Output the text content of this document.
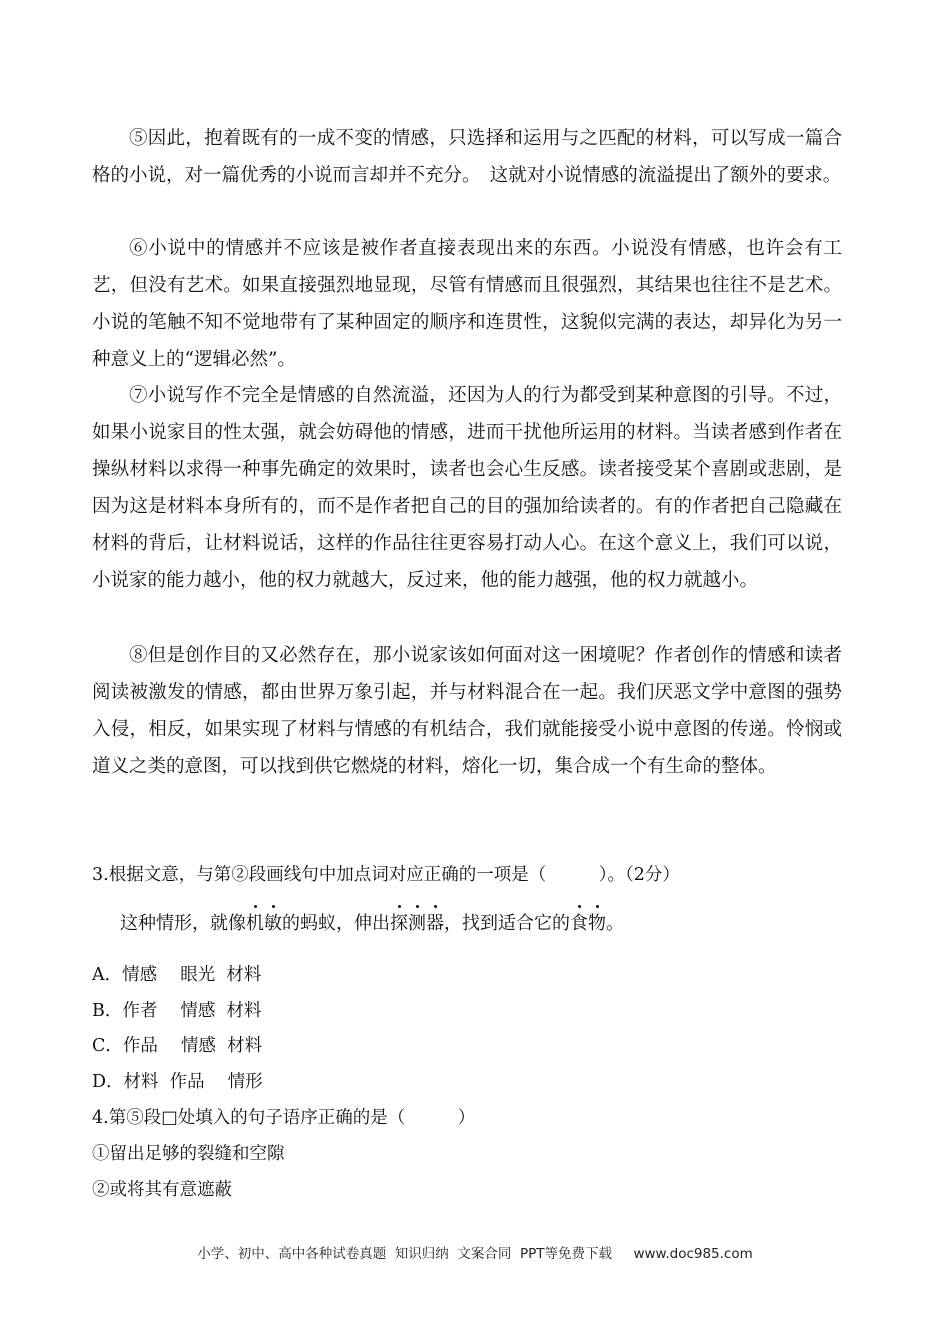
⑤因此，抱着既有的一成不变的情感，只选择和运用与之匹配的材料，可以写成一篇合格的小说，对一篇优秀的小说而言却并不充分。　这就对小说情感的流溢提出了额外的要求。

⑥小说中的情感并不应该是被作者直接表现出来的东西。小说没有情感，也许会有工艺，但没有艺术。如果直接强烈地显现，尽管有情感而且很强烈，其结果也往往不是艺术。小说的笔触不知不觉地带有了某种固定的顺序和连贯性，这貌似完满的表达，却异化为另一种意义上的“逻辑必然”。

⑦小说写作不完全是情感的自然流溢，还因为人的行为都受到某种意图的引导。不过，如果小说家目的性太强，就会妨碍他的情感，进而干扰他所运用的材料。当读者感到作者在操纵材料以求得一种事先确定的效果时，读者也会心生反感。读者接受某个喜剧或悲剧，是因为这是材料本身所有的，而不是作者把自己的目的强加给读者的。有的作者把自己隐藏在材料的背后，让材料说话，这样的作品往往更容易打动人心。在这个意义上，我们可以说，小说家的能力越小，他的权力就越大，反过来，他的能力越强，他的权力就越小。

⑧但是创作目的又必然存在，那小说家该如何面对这一困境呢？作者创作的情感和读者阅读被激发的情感，都由世界万象引起，并与材料混合在一起。我们厌恶文学中意图的强势入侵，相反，如果实现了材料与情感的有机结合，我们就能接受小说中意图的传递。怜悯或道义之类的意图，可以找到供它燃烧的材料，熔化一切，集合成一个有生命的整体。

3.根据文意，与第②段画线句中加点词对应正确的一项是（　　　）。（2分）

这种情形，就像机敏的蚂蚁，伸出探测器，找到适合它的食物。

A．情感　 眼光  材料

B．作者　 情感  材料

C．作品　 情感  材料

D．材料  作品　 情形

4.第⑤段□处填入的句子语序正确的是（　　　）

①留出足够的裂缝和空隙

②或将其有意遮蔽

小学、初中、高中各种试卷真题  知识归纳  文案合同  PPT等免费下载     www.doc985.com
